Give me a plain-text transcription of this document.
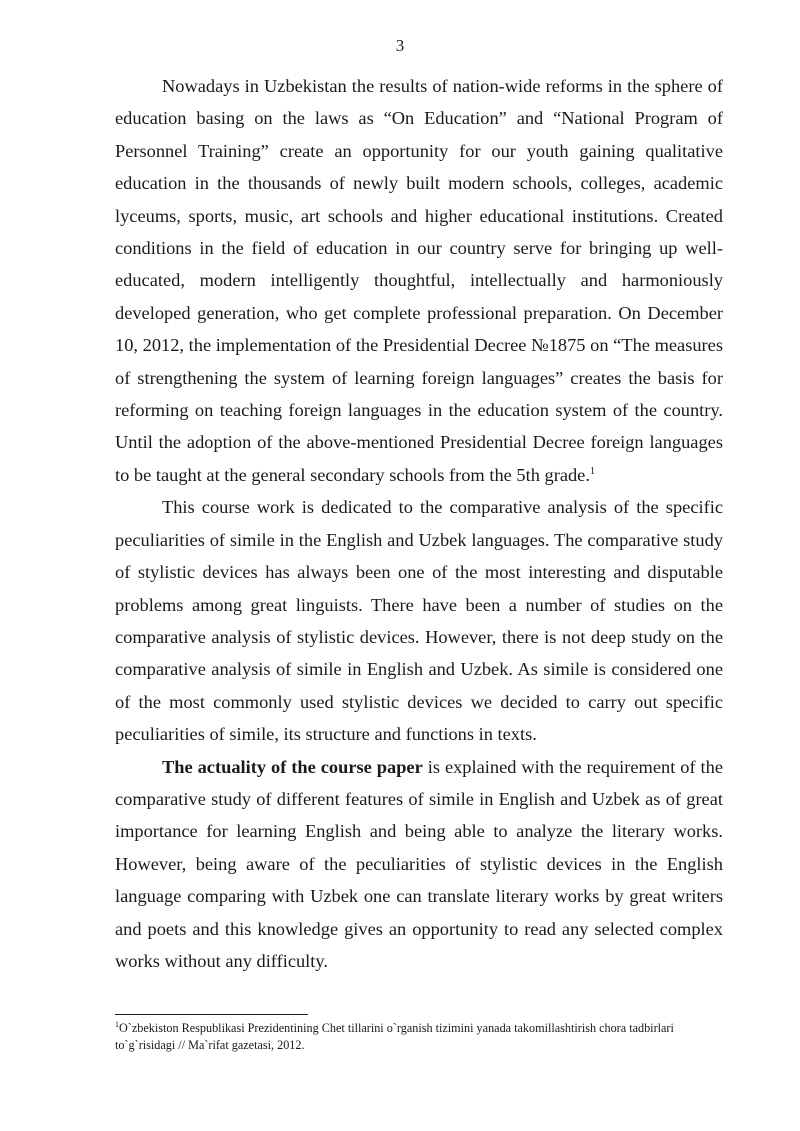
3

Nowadays in Uzbekistan the results of nation-wide reforms in the sphere of education basing on the laws as “On Education” and “National Program of Personnel Training” create an opportunity for our youth gaining qualitative education in the thousands of newly built modern schools, colleges, academic lyceums, sports, music, art schools and higher educational institutions. Created conditions in the field of education in our country serve for bringing up well-educated, modern intelligently thoughtful, intellectually and harmoniously developed generation, who get complete professional preparation. On December 10, 2012, the implementation of the Presidential Decree №1875 on “The measures of strengthening the system of learning foreign languages” creates the basis for reforming on teaching foreign languages in the education system of the country. Until the adoption of the above-mentioned Presidential Decree foreign languages to be taught at the general secondary schools from the 5th grade.$^1$

This course work is dedicated to the comparative analysis of the specific peculiarities of simile in the English and Uzbek languages. The comparative study of stylistic devices has always been one of the most interesting and disputable problems among great linguists. There have been a number of studies on the comparative analysis of stylistic devices. However, there is not deep study on the comparative analysis of simile in English and Uzbek. As simile is considered one of the most commonly used stylistic devices we decided to carry out specific peculiarities of simile, its structure and functions in texts.

The actuality of the course paper is explained with the requirement of the comparative study of different features of simile in English and Uzbek as of great importance for learning English and being able to analyze the literary works. However, being aware of the peculiarities of stylistic devices in the English language comparing with Uzbek one can translate literary works by great writers and poets and this knowledge gives an opportunity to read any selected complex works without any difficulty.

$^1$O`zbekiston Respublikasi Prezidentining Chet tillarini o`rganish tizimini yanada takomillashtirish chora tadbirlari to`g`risidagi // Ma`rifat gazetasi, 2012.
